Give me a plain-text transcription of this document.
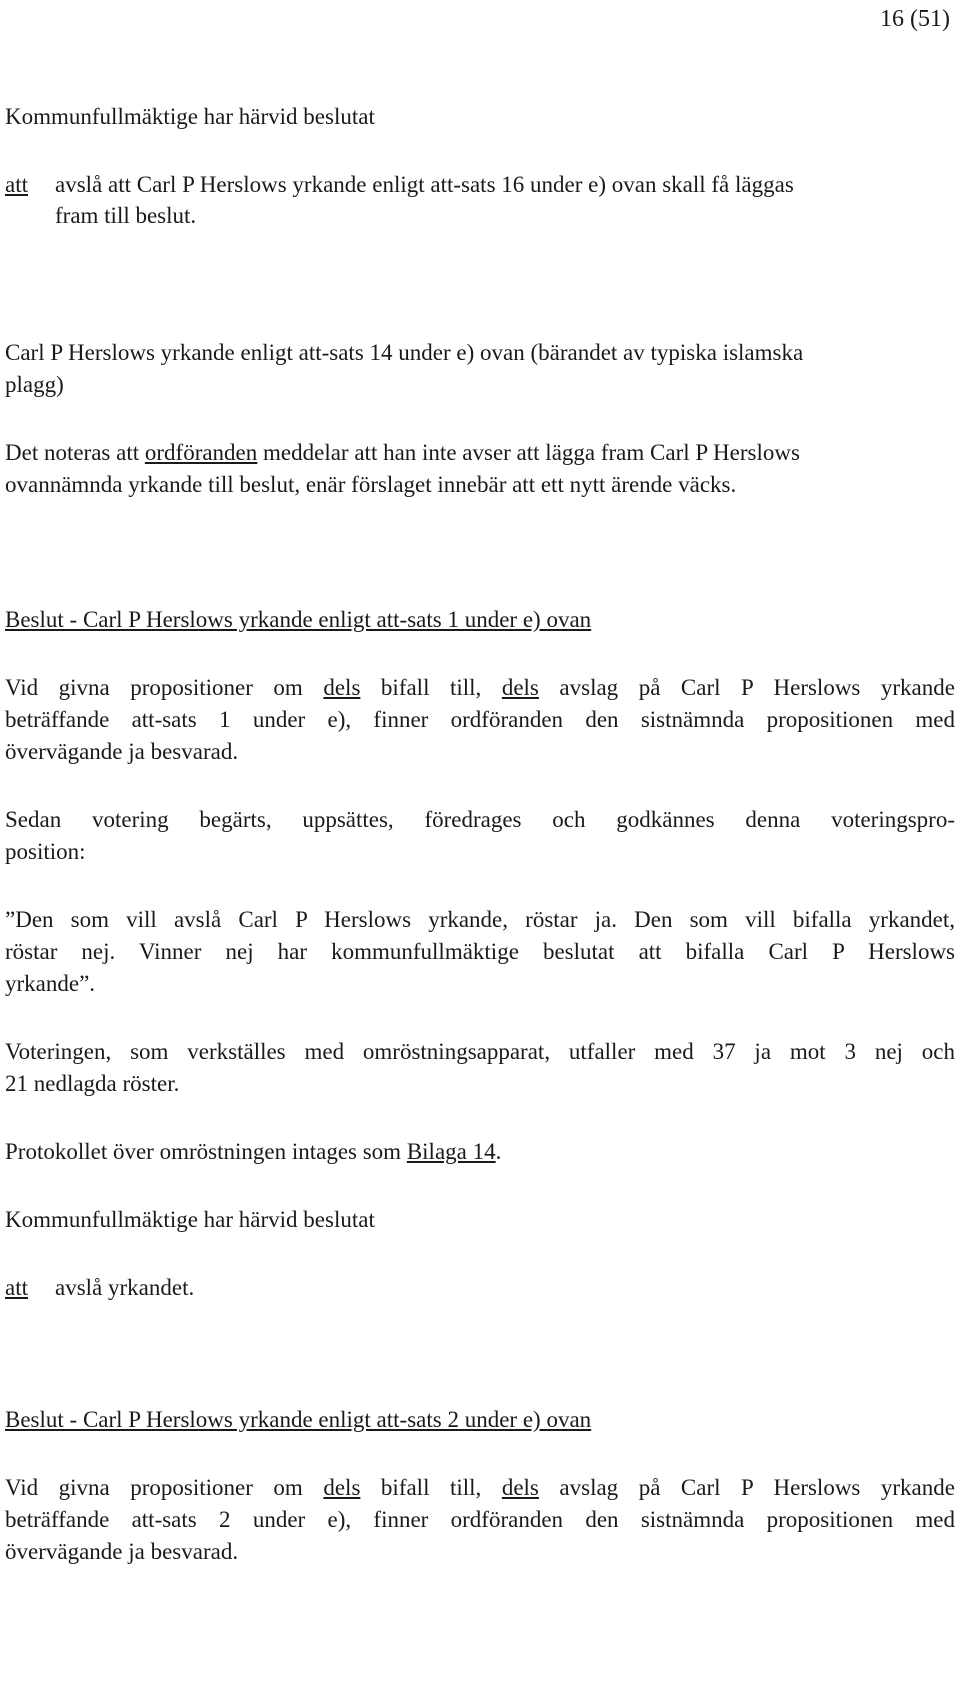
16 (51)

Kommunfullmäktige har härvid beslutat

att avslå att Carl P Herslows yrkande enligt att-sats 16 under e) ovan skall få läggas

fram till beslut.

Carl P Herslows yrkande enligt att-sats 14 under e) ovan (bärandet av typiska islamska

plagg)

Det noteras att ordföranden meddelar att han inte avser att lägga fram Carl P Herslows

ovannämnda yrkande till beslut, enär förslaget innebär att ett nytt ärende väcks.

Beslut - Carl P Herslows yrkande enligt att-sats 1 under e) ovan

Vid givna propositioner om dels bifall till, dels avslag på Carl P Herslows yrkande

beträffande att-sats 1 under e), finner ordföranden den sistnämnda propositionen med

övervägande ja besvarad.

Sedan votering begärts, uppsättes, föredrages och godkännes denna voteringspro-

position:

”Den som vill avslå Carl P Herslows yrkande, röstar ja. Den som vill bifalla yrkandet,

röstar nej. Vinner nej har kommunfullmäktige beslutat att bifalla Carl P Herslows

yrkande”.

Voteringen, som verkställes med omröstningsapparat, utfaller med 37 ja mot 3 nej och

21 nedlagda röster.

Protokollet över omröstningen intages som Bilaga 14.

Kommunfullmäktige har härvid beslutat

att avslå yrkandet.

Beslut - Carl P Herslows yrkande enligt att-sats 2 under e) ovan

Vid givna propositioner om dels bifall till, dels avslag på Carl P Herslows yrkande

beträffande att-sats 2 under e), finner ordföranden den sistnämnda propositionen med

övervägande ja besvarad.
